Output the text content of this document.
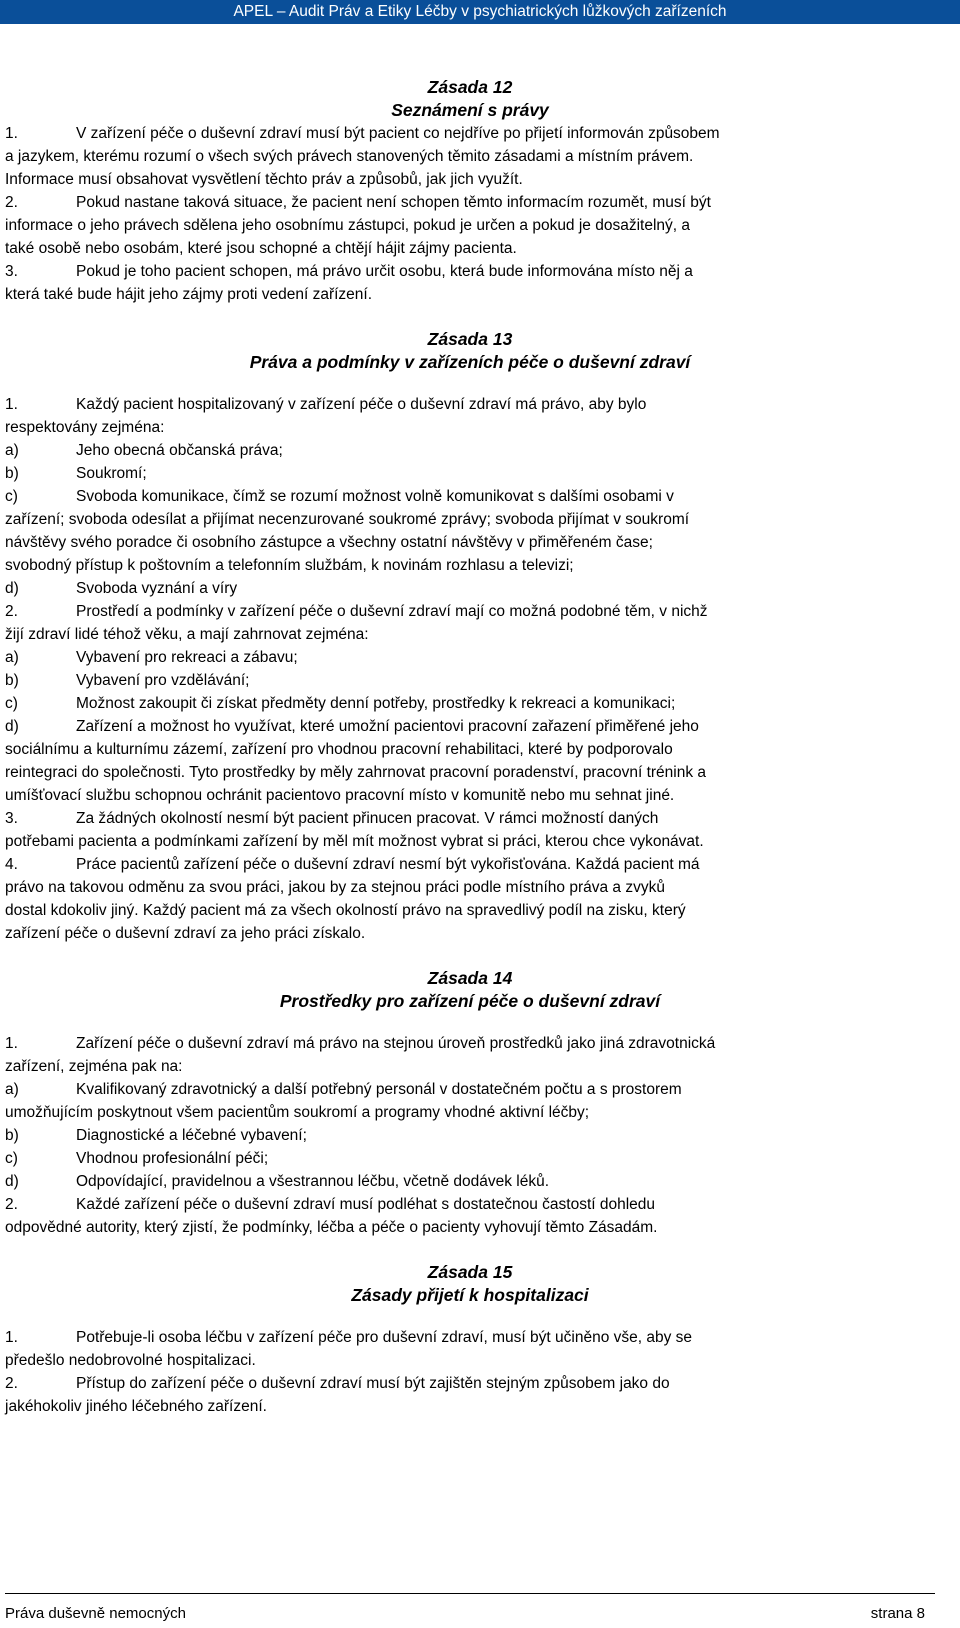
APEL – Audit Práv a Etiky Léčby v psychiatrických lůžkových zařízeních
Zásada 12
Seznámení s právy

1.	V zařízení péče o duševní zdraví musí být pacient co nejdříve po přijetí informován způsobem

a jazykem, kterému rozumí o všech svých právech stanovených těmito zásadami a místním právem.

Informace musí obsahovat vysvětlení těchto práv a způsobů, jak jich využít.

2.	Pokud nastane taková situace, že pacient není schopen těmto informacím rozumět, musí být

informace o jeho právech sdělena jeho osobnímu zástupci, pokud je určen a pokud je dosažitelný, a

také osobě nebo osobám, které jsou schopné a chtějí hájit zájmy pacienta.

3.	Pokud je toho pacient schopen, má právo určit osobu, která bude informována místo něj a

která také bude hájit jeho zájmy proti vedení zařízení.

Zásada 13
Práva a podmínky v zařízeních péče o duševní zdraví

1.	Každý pacient hospitalizovaný v zařízení péče o duševní zdraví má právo, aby bylo

respektovány zejména:

a)	Jeho obecná občanská práva;

b)	Soukromí;

c)	Svoboda komunikace, čímž se rozumí možnost volně komunikovat s dalšími osobami v

zařízení; svoboda odesílat a přijímat necenzurované soukromé zprávy; svoboda přijímat v soukromí

návštěvy svého poradce či osobního zástupce a všechny ostatní návštěvy v přiměřeném čase;

svobodný přístup k poštovním a telefonním službám, k novinám rozhlasu a televizi;

d)	Svoboda vyznání a víry

2.	Prostředí a podmínky v zařízení péče o duševní zdraví mají co možná podobné těm, v nichž

žijí zdraví lidé téhož věku, a mají zahrnovat zejména:

a)	Vybavení pro rekreaci a zábavu;

b)	Vybavení pro vzdělávání;

c)	Možnost zakoupit či získat předměty denní potřeby, prostředky k rekreaci a komunikaci;

d)	Zařízení a možnost ho využívat, které umožní pacientovi pracovní zařazení přiměřené jeho

sociálnímu a kulturnímu zázemí, zařízení pro vhodnou pracovní rehabilitaci, které by podporovalo

reintegraci do společnosti. Tyto prostředky by měly zahrnovat pracovní poradenství, pracovní trénink a

umíšťovací službu schopnou ochránit pacientovo pracovní místo v komunitě nebo mu sehnat jiné.

3.	Za žádných okolností nesmí být pacient přinucen pracovat. V rámci možností daných

potřebami pacienta a podmínkami zařízení by měl mít možnost vybrat si práci, kterou chce vykonávat.

4.	Práce pacientů zařízení péče o duševní zdraví nesmí být vykořisťována. Každá pacient má

právo na takovou odměnu za svou práci, jakou by za stejnou práci podle místního práva a zvyků

dostal kdokoliv jiný. Každý pacient má za všech okolností právo na spravedlivý podíl na zisku, který

zařízení péče o duševní zdraví za jeho práci získalo.

Zásada 14
Prostředky pro zařízení péče o duševní zdraví

1.	Zařízení péče o duševní zdraví má právo na stejnou úroveň prostředků jako jiná zdravotnická

zařízení, zejména pak na:

a)	Kvalifikovaný zdravotnický a další potřebný personál v dostatečném počtu a s prostorem

umožňujícím poskytnout všem pacientům soukromí a programy vhodné aktivní léčby;

b)	Diagnostické a léčebné vybavení;

c)	Vhodnou profesionální péči;

d)	Odpovídající, pravidelnou a všestrannou léčbu, včetně dodávek léků.

2.	Každé zařízení péče o duševní zdraví musí podléhat s dostatečnou častostí dohledu

odpovědné autority, který zjistí, že podmínky, léčba a péče o pacienty vyhovují těmto Zásadám.

Zásada 15
Zásady přijetí k hospitalizaci

1.	Potřebuje-li osoba léčbu v zařízení péče pro duševní zdraví, musí být učiněno vše, aby se

předešlo nedobrovolné hospitalizaci.

2.	Přístup do zařízení péče o duševní zdraví musí být zajištěn stejným způsobem jako do

jakéhokoliv jiného léčebného zařízení.

Práva duševně nemocných	strana 8
